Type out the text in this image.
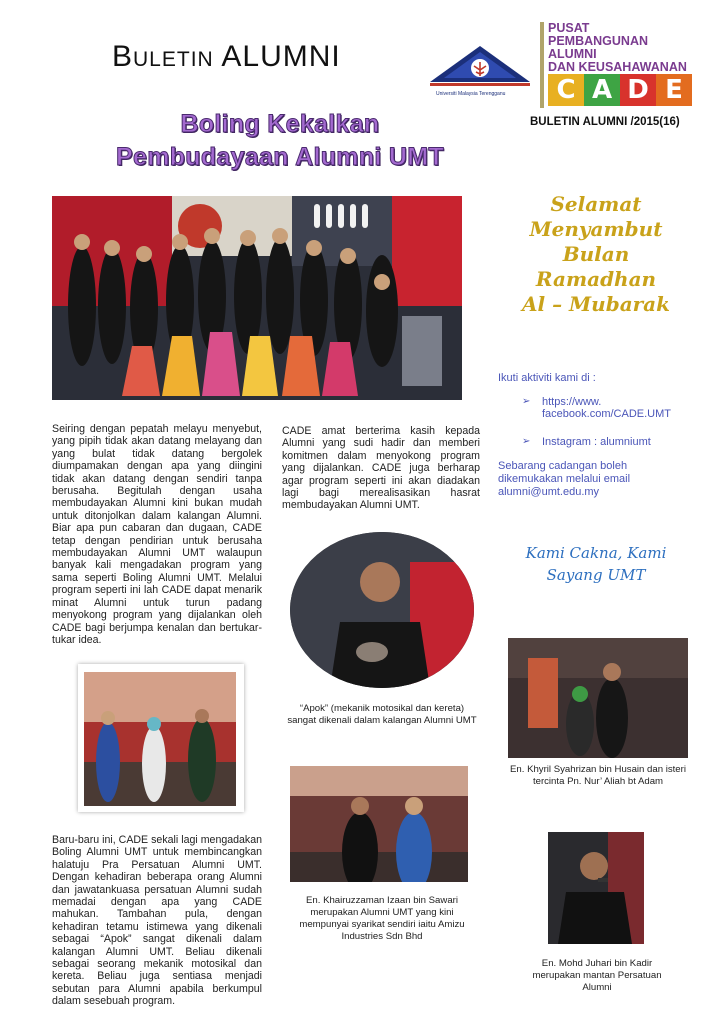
Buletin ALUMNI
Universiti Malaysia Terengganu
PUSAT
PEMBANGUNAN
ALUMNI
DAN KEUSAHAWANAN
C A D E
BULETIN ALUMNI /2015(16)
Boling Kekalkan
Pembudayaan Alumni UMT
Selamat
Menyambut
Bulan
Ramadhan
Al – Mubarak
Ikuti aktiviti kami di :
➢	https://www.
facebook.com/CADE.UMT
➢	Instagram : alumniumt
Sebarang cadangan boleh dikemukakan melalui email alumni@umt.edu.my
Kami Cakna, Kami
Sayang UMT
Seiring dengan pepatah melayu menyebut, yang pipih tidak akan datang melayang dan yang bulat tidak datang bergolek diumpamakan dengan apa yang diingini tidak akan datang dengan sendiri tanpa berusaha. Begitulah dengan usaha membudayakan Alumni kini bukan mudah untuk ditonjolkan dalam kalangan Alumni. Biar apa pun cabaran dan dugaan, CADE tetap dengan pendirian untuk berusaha membudayakan Alumni UMT walaupun banyak kali mengadakan program yang sama seperti Boling Alumni UMT. Melalui program seperti ini lah CADE dapat menarik minat Alumni untuk turun padang menyokong program yang dijalankan oleh CADE bagi berjumpa kenalan dan bertukar-tukar idea.
CADE amat berterima kasih kepada Alumni yang sudi hadir dan memberi komitmen dalam menyokong program yang dijalankan. CADE juga berharap agar program seperti ini akan diadakan lagi bagi merealisasikan hasrat membudayakan Alumni UMT.
Baru-baru ini, CADE sekali lagi mengadakan Boling Alumni UMT untuk membincangkan halatuju Pra Persatuan Alumni UMT. Dengan kehadiran beberapa orang Alumni dan jawatankuasa persatuan Alumni sudah memadai dengan apa yang CADE mahukan. Tambahan pula, dengan kehadiran tetamu istimewa yang dikenali sebagai “Apok” sangat dikenali dalam kalangan Alumni UMT. Beliau dikenali sebagai seorang mekanik motosikal dan kereta. Beliau juga sentiasa menjadi sebutan para Alumni apabila berkumpul dalam sesebuah program.
“Apok” (mekanik motosikal dan kereta) sangat dikenali dalam kalangan Alumni UMT
En. Khyril Syahrizan bin Husain dan isteri tercinta Pn. Nur’ Aliah bt Adam
En. Khairuzzaman Izaan bin Sawari merupakan Alumni UMT yang kini mempunyai syarikat sendiri iaitu Amizu Industries Sdn Bhd
En. Mohd Juhari bin Kadir merupakan mantan Persatuan Alumni
